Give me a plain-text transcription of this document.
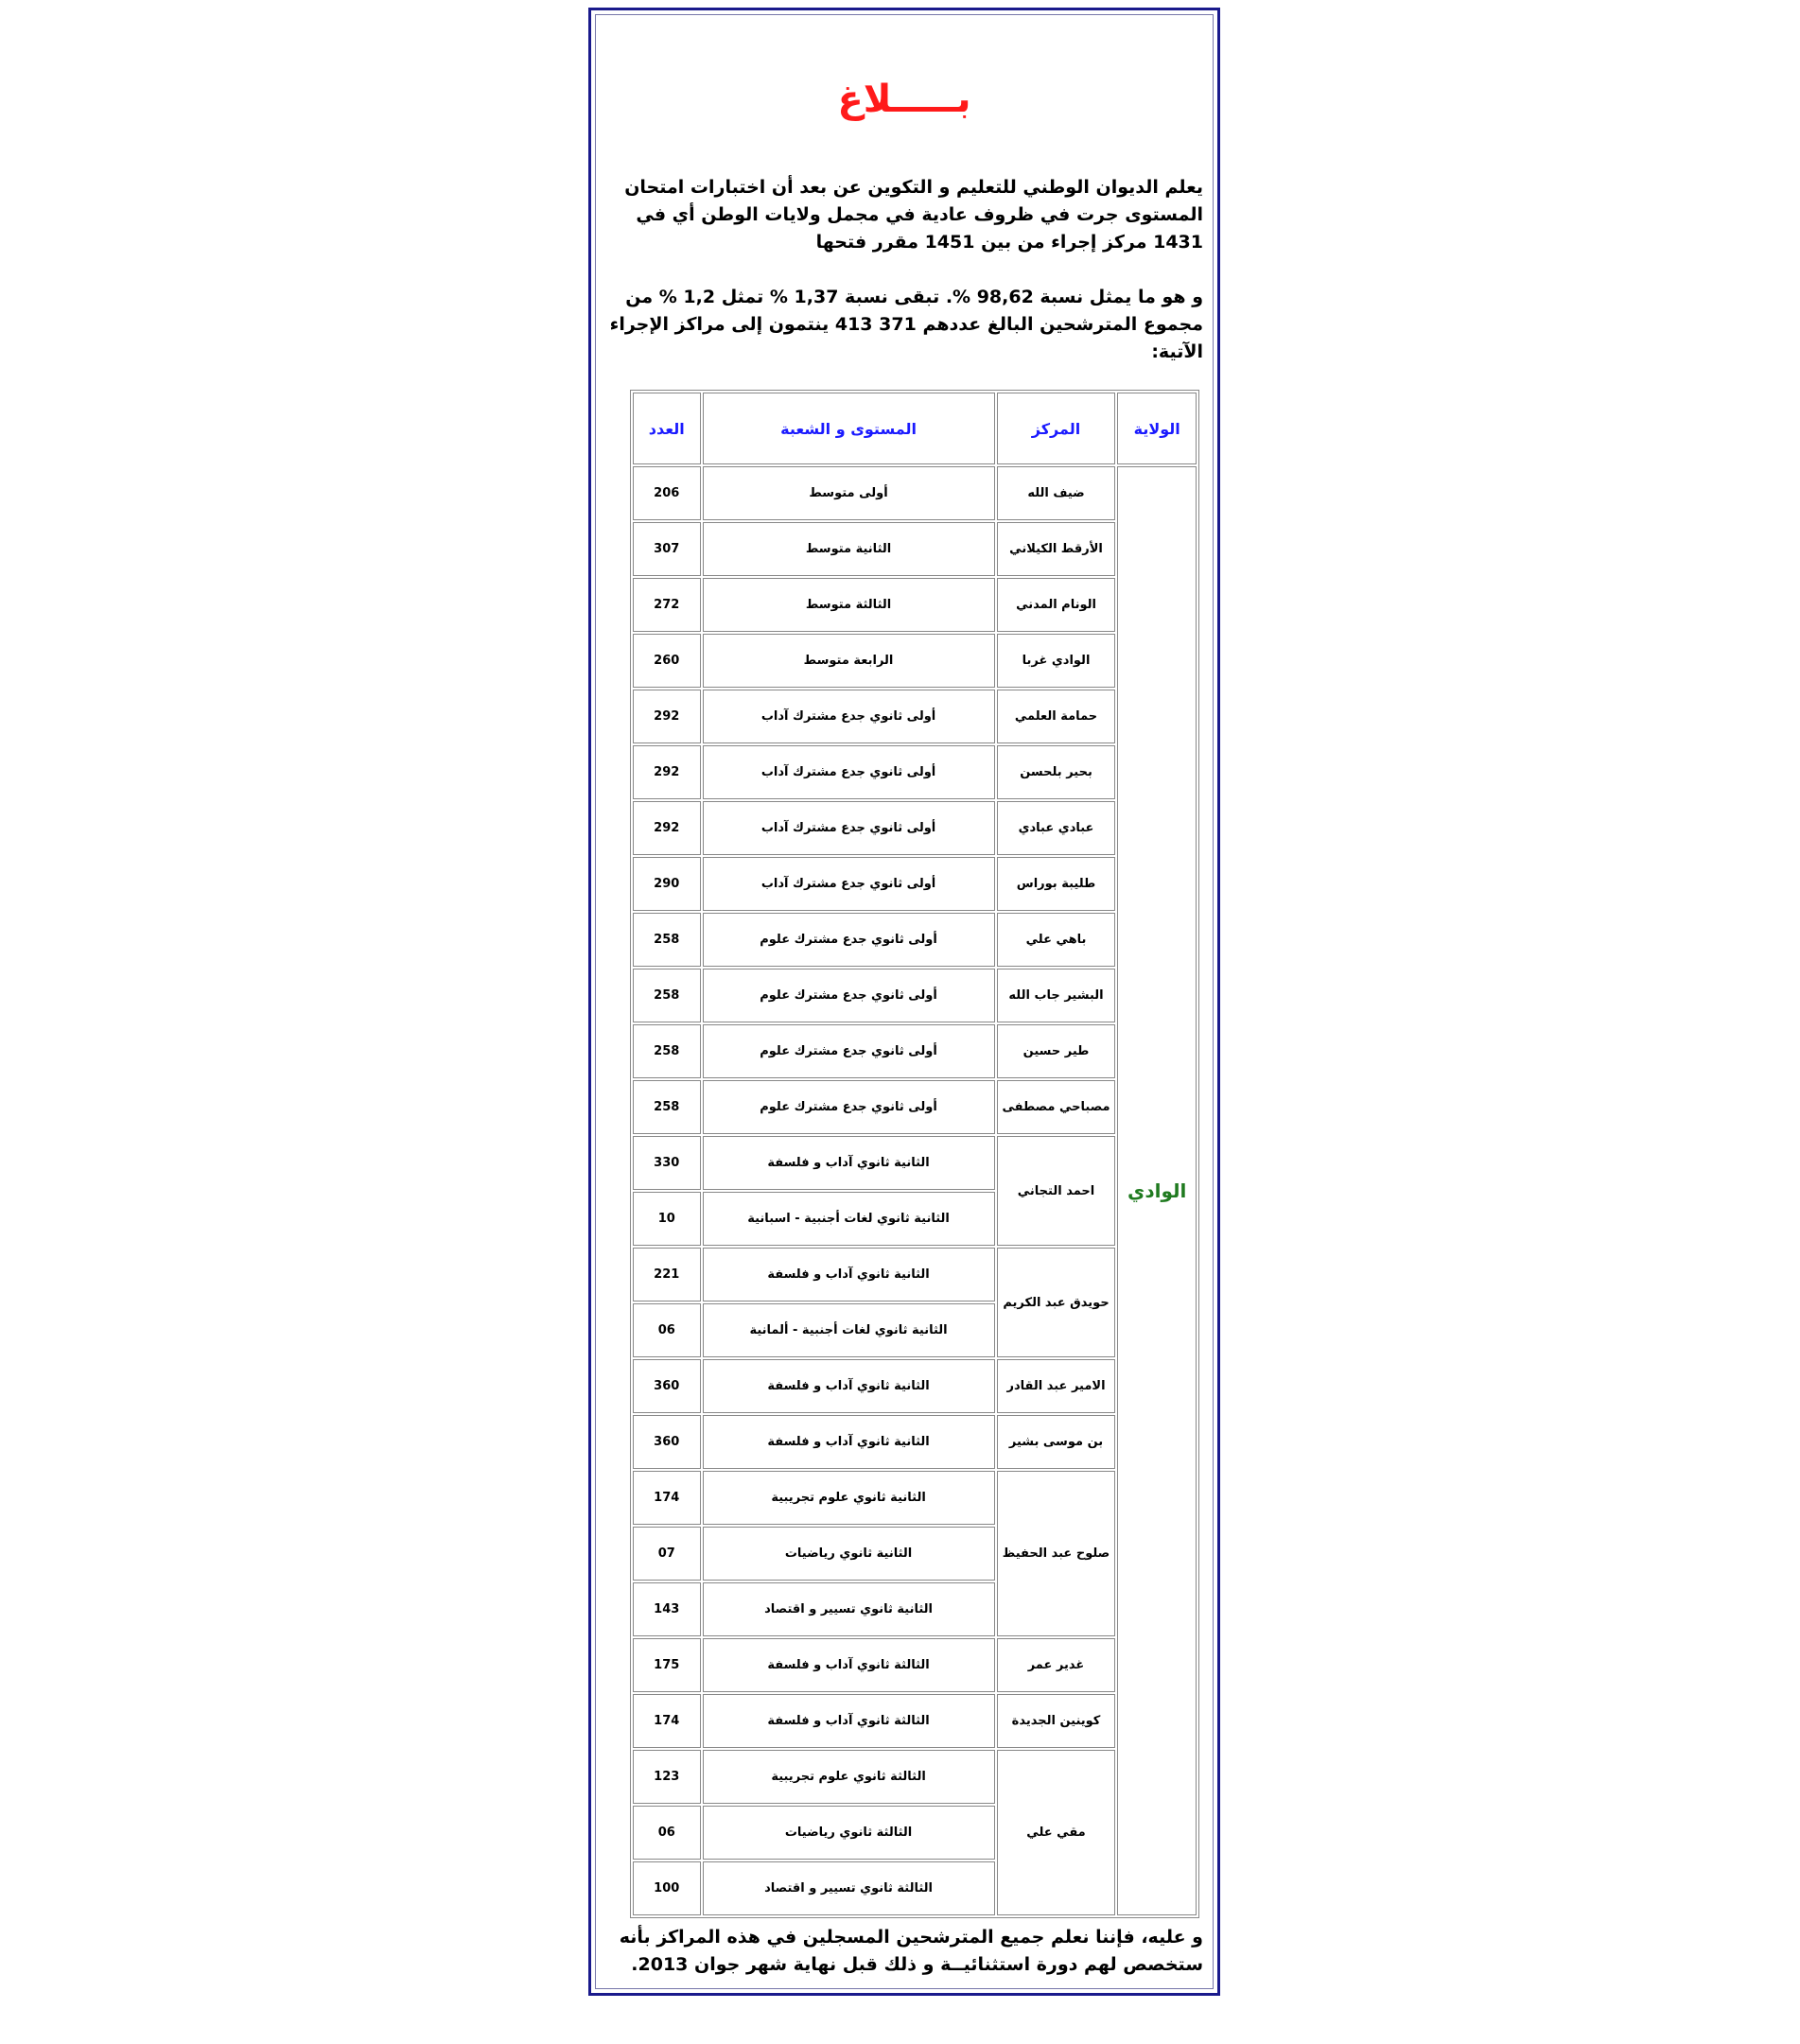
بـــــلاغ
يعلم الديوان الوطني للتعليم و التكوين عن بعد أن اختبارات امتحان المستوى جرت في ظروف عادية في مجمل ولايات الوطن أي في 1431 مركز إجراء من بين 1451 مقرر فتحها
و هو ما يمثل نسبة 98,62 %. تبقى نسبة 1,37 % تمثل 1,2 % من مجموع المترشحين البالغ عددهم 371 413 ينتمون إلى مراكز الإجراء الآتية:
الولاية	المركز	المستوى و الشعبة	العدد
الوادي	ضيف الله	أولى متوسط	206
	الأرقط الكيلاني	الثانية متوسط	307
	الونام المدني	الثالثة متوسط	272
	الوادي غربا	الرابعة متوسط	260
	حمامة العلمي	أولى ثانوي جدع مشترك آداب	292
	بحير بلحسن	أولى ثانوي جدع مشترك آداب	292
	عبادي عبادي	أولى ثانوي جدع مشترك آداب	292
	طليبة بوراس	أولى ثانوي جدع مشترك آداب	290
	باهي علي	أولى ثانوي جدع مشترك علوم	258
	البشير جاب الله	أولى ثانوي جدع مشترك علوم	258
	طير حسين	أولى ثانوي جدع مشترك علوم	258
	مصباحي مصطفى	أولى ثانوي جدع مشترك علوم	258
	احمد التجاني	الثانية ثانوي آداب و فلسفة	330
		الثانية ثانوي لغات أجنبية - اسبانية	10
	حويدق عبد الكريم	الثانية ثانوي آداب و فلسفة	221
		الثانية ثانوي لغات أجنبية - ألمانية	06
	الامير عبد القادر	الثانية ثانوي آداب و فلسفة	360
	بن موسى بشير	الثانية ثانوي آداب و فلسفة	360
	صلوح عبد الحفيظ	الثانية ثانوي علوم تجريبية	174
		الثانية ثانوي رياضيات	07
		الثانية ثانوي تسيير و اقتصاد	143
	غدير عمر	الثالثة ثانوي آداب و فلسفة	175
	كوينين الجديدة	الثالثة ثانوي آداب و فلسفة	174
	مقي علي	الثالثة ثانوي علوم تجريبية	123
		الثالثة ثانوي رياضيات	06
		الثالثة ثانوي تسيير و اقتصاد	100
و عليه، فإننا نعلم جميع المترشحين المسجلين في هذه المراكز بأنه ستخصص لهم دورة استثنائيــة و ذلك قبل نهاية شهر جوان 2013.
